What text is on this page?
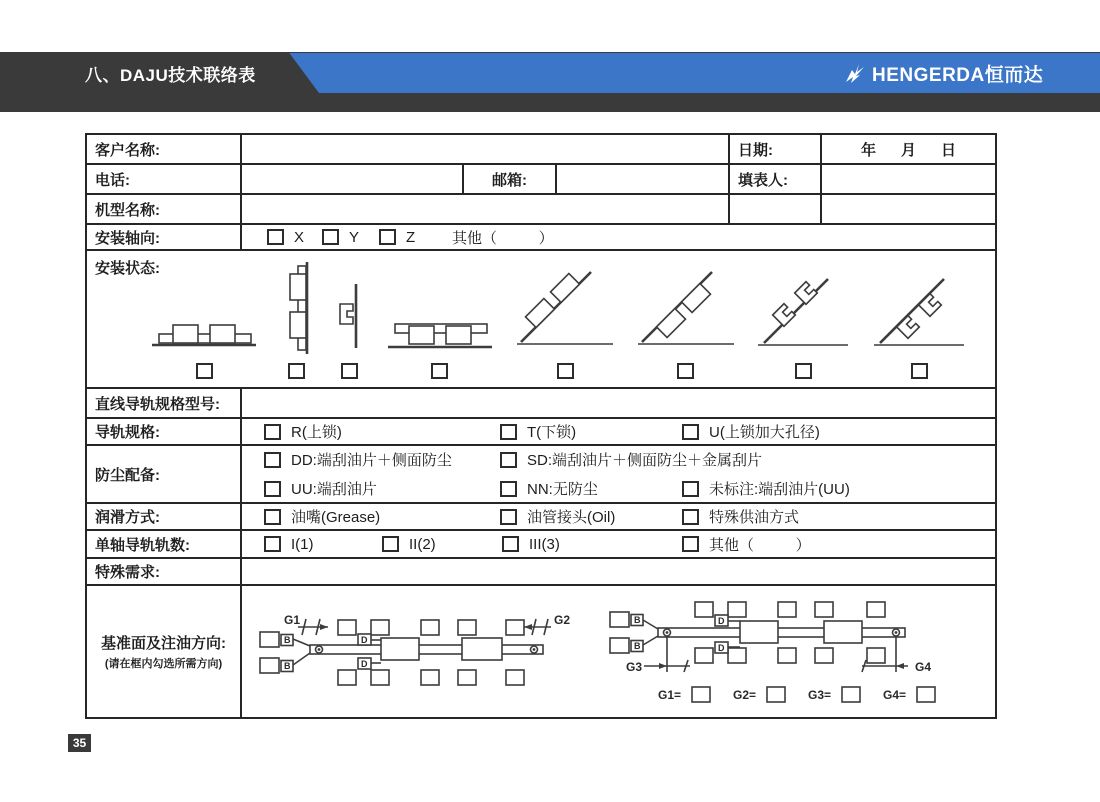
八、DAJU技术联络表	HENGERDA恒而达
客户名称:				日期:	年      月      日
电话:		邮箱:		填表人:	
机型名称:					
安装轴向:	X Y Z 其他（          ）				

安装状态:					

直线导轨规格型号:					
导轨规格:	R(上锁) T(下锁) U(上锁加大孔径)				

防尘配备:	DD:端刮油片＋侧面防尘 SD:端刮油片＋侧面防尘＋金属刮片
UU:端刮油片 NN:无防尘 未标注:端刮油片(UU)				

润滑方式:	油嘴(Grease) 油管接头(Oil) 特殊供油方式				

单轴导轨轨数:	I(1) II(2) III(3) 其他（          ）				

特殊需求:					

基准面及注油方向:
(请在框内勾选所需方向)

G1	G2
B
B
D
D
B
B
D
D
G3	G4
G1=	G2=	G3=	G4=
35
